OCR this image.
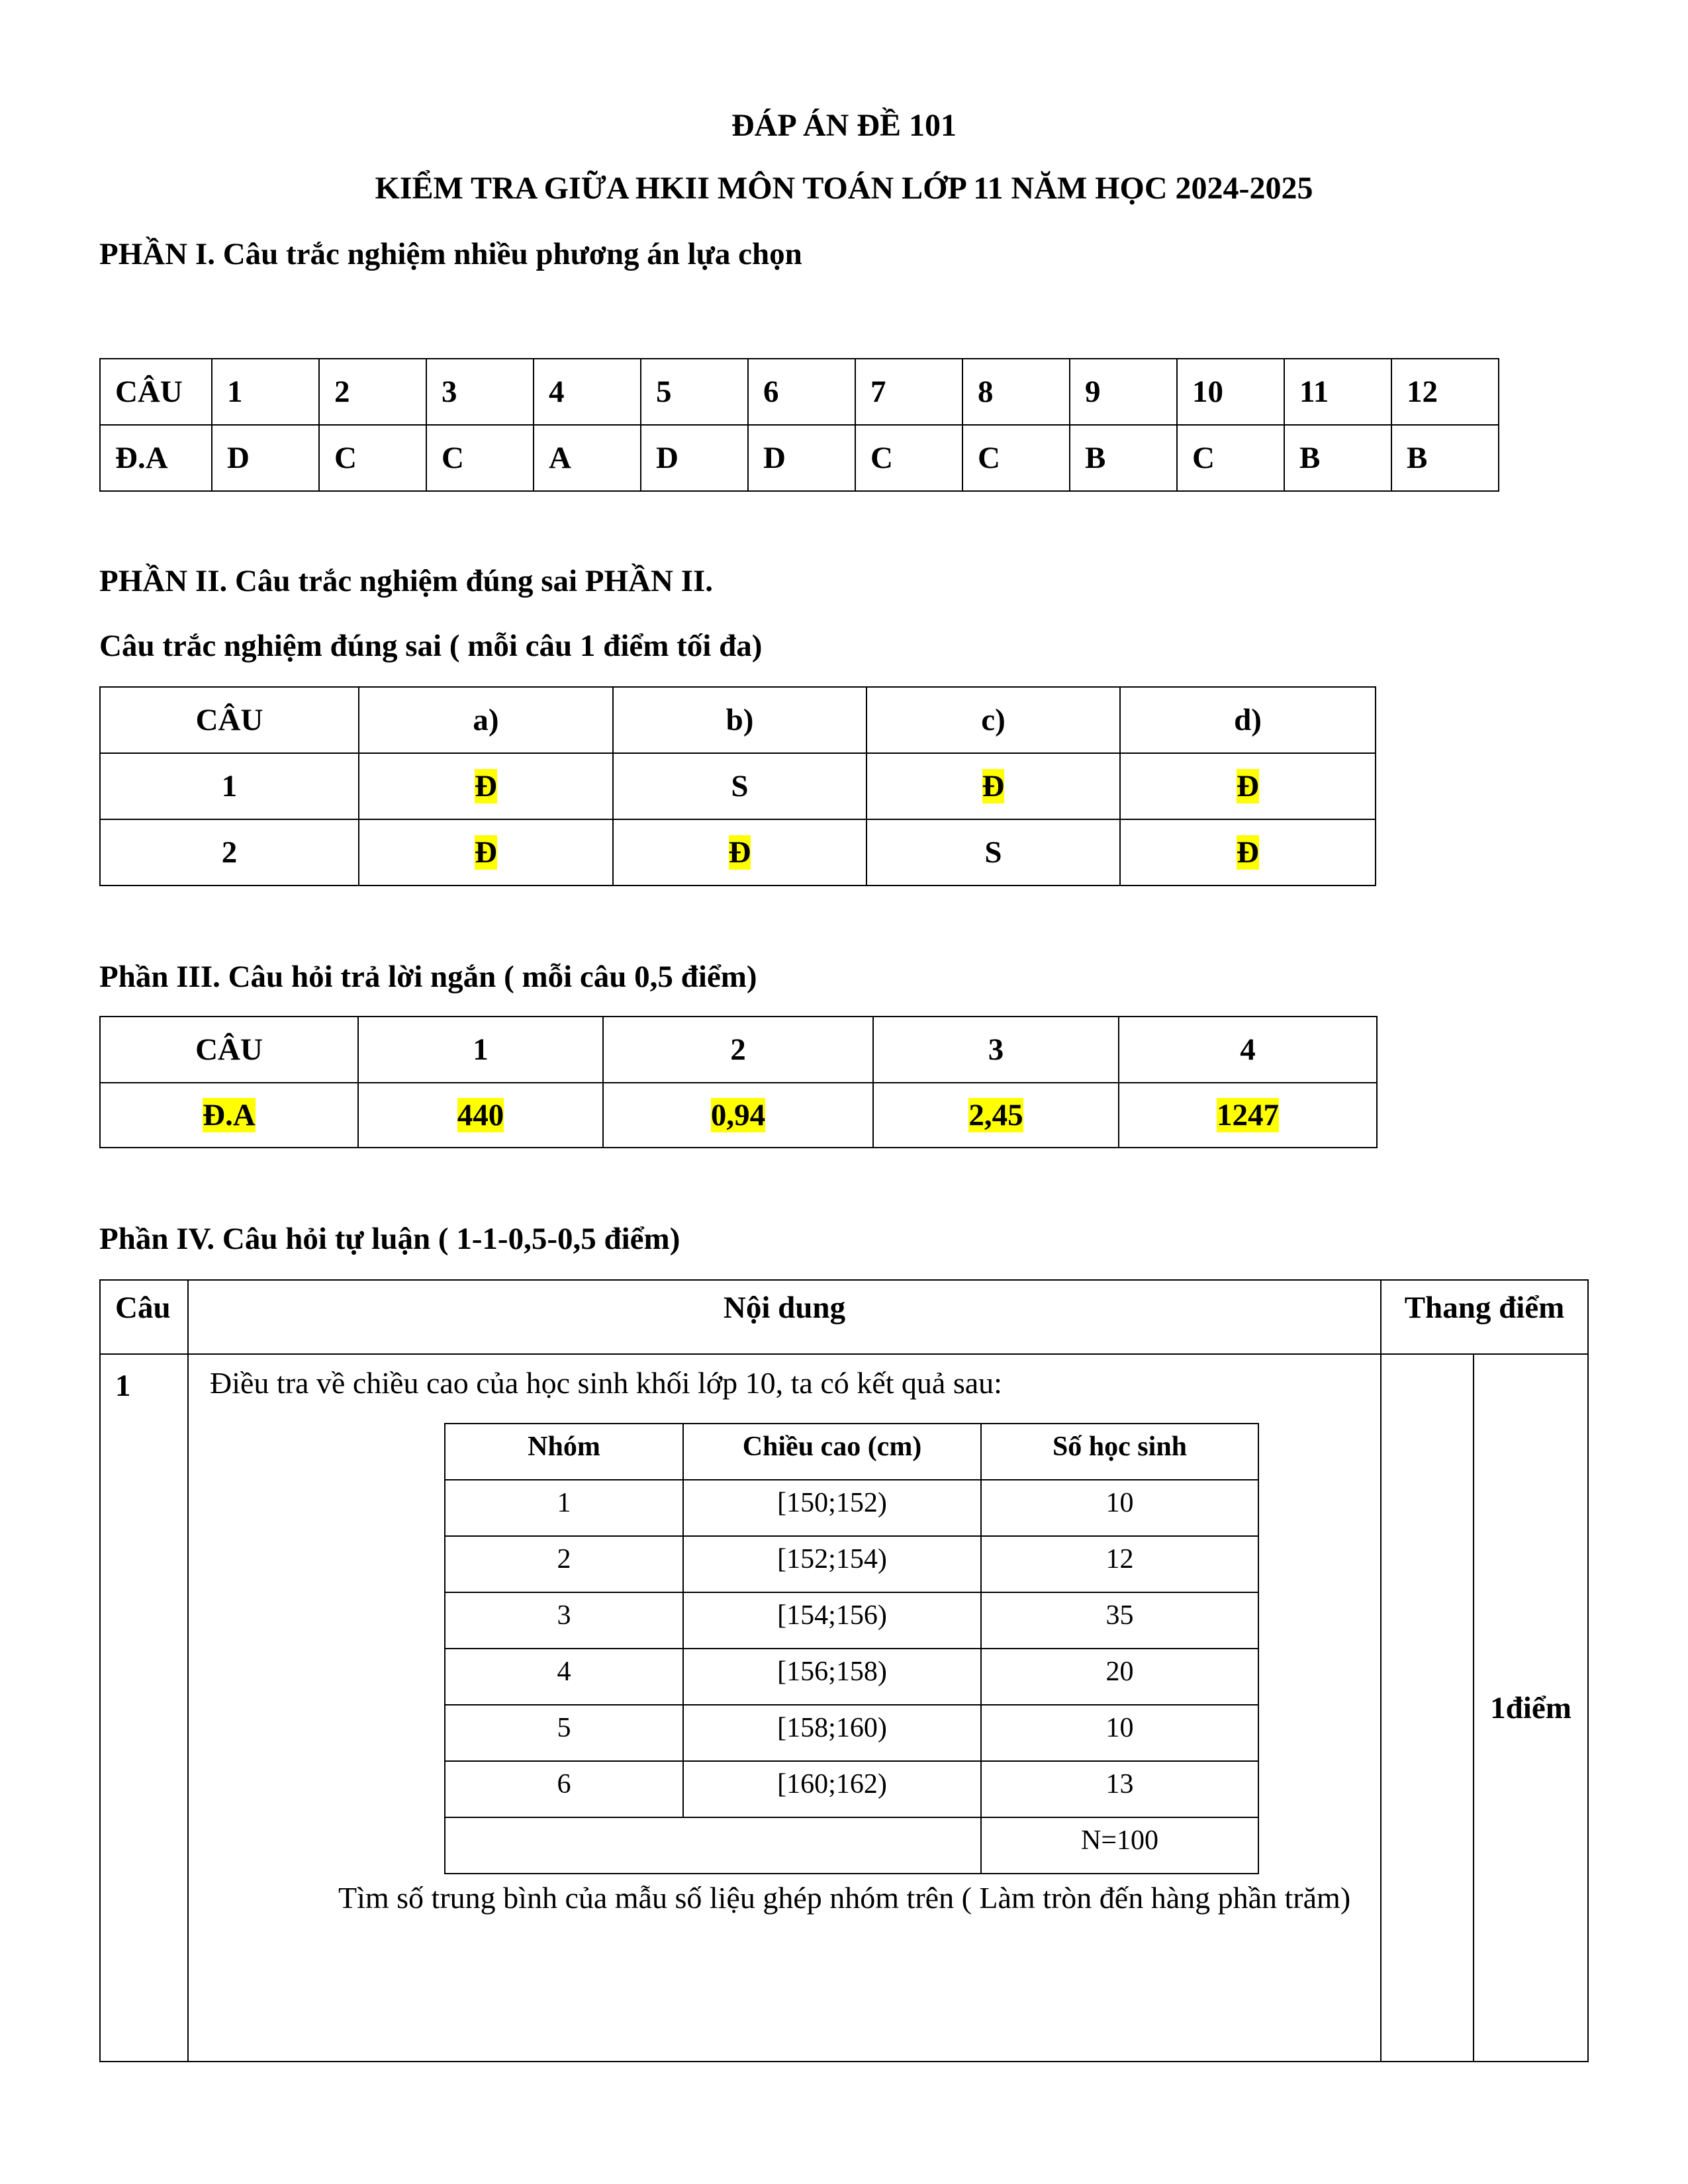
ĐÁP ÁN ĐỀ 101
KIỂM TRA GIỮA HKII MÔN TOÁN LỚP 11 NĂM HỌC 2024-2025
PHẦN I. Câu trắc nghiệm nhiều phương án lựa chọn
CÂU	1	2	3	4	5	6	7	8	9	10	11	12
Đ.A	D	C	C	A	D	D	C	C	B	C	B	B
PHẦN II. Câu trắc nghiệm đúng sai PHẦN II.
Câu trắc nghiệm đúng sai ( mỗi câu 1 điểm tối đa)
CÂU	a)	b)	c)	d)
1	Đ	S	Đ	Đ
2	Đ	Đ	S	Đ
Phần III. Câu hỏi trả lời ngắn ( mỗi câu 0,5 điểm)
CÂU	1	2	3	4
Đ.A	440	0,94	2,45	1247
Phần IV. Câu hỏi tự luận ( 1-1-0,5-0,5 điểm)
Câu	Nội dung	Thang điểm
1	Điều tra về chiều cao của học sinh khối lớp 10, ta có kết quả sau:
Nhóm	Chiều cao (cm)	Số học sinh
1	[150;152)	10
2	[152;154)	12
3	[154;156)	35
4	[156;158)	20
5	[158;160)	10
6	[160;162)	13
	N=100
Tìm số trung bình của mẫu số liệu ghép nhóm trên ( Làm tròn đến hàng phần trăm)
		1điểm
